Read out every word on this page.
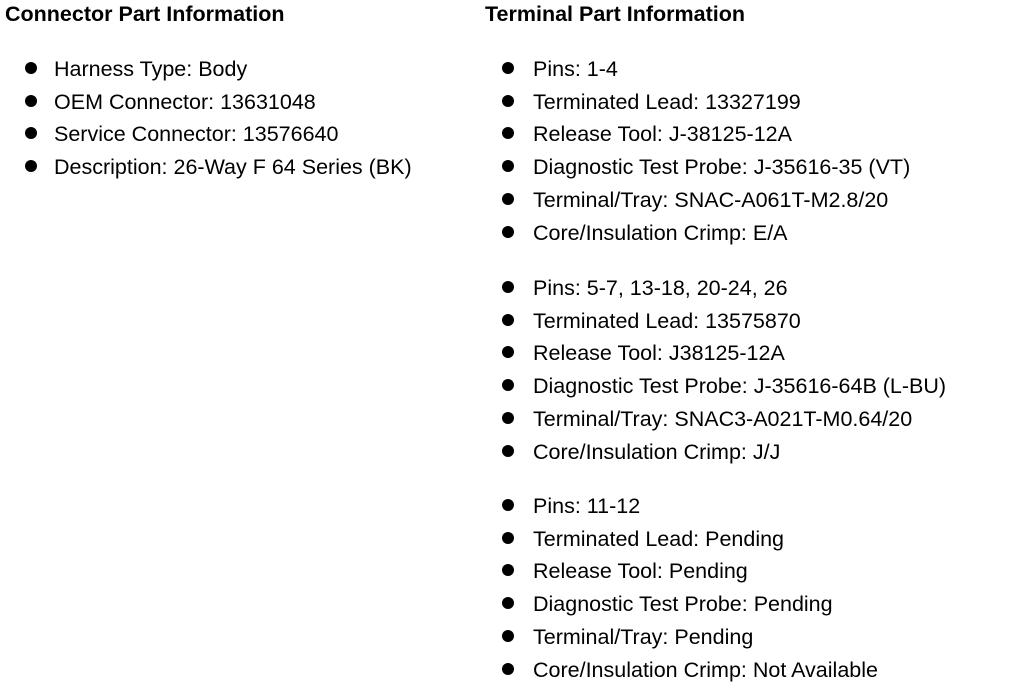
Connector Part Information
Harness Type: Body
OEM Connector: 13631048
Service Connector: 13576640
Description: 26-Way F 64 Series (BK)
Terminal Part Information
Pins: 1-4
Terminated Lead: 13327199
Release Tool: J-38125-12A
Diagnostic Test Probe: J-35616-35 (VT)
Terminal/Tray: SNAC-A061T-M2.8/20
Core/Insulation Crimp: E/A
Pins: 5-7, 13-18, 20-24, 26
Terminated Lead: 13575870
Release Tool: J38125-12A
Diagnostic Test Probe: J-35616-64B (L-BU)
Terminal/Tray: SNAC3-A021T-M0.64/20
Core/Insulation Crimp: J/J
Pins: 11-12
Terminated Lead: Pending
Release Tool: Pending
Diagnostic Test Probe: Pending
Terminal/Tray: Pending
Core/Insulation Crimp: Not Available
